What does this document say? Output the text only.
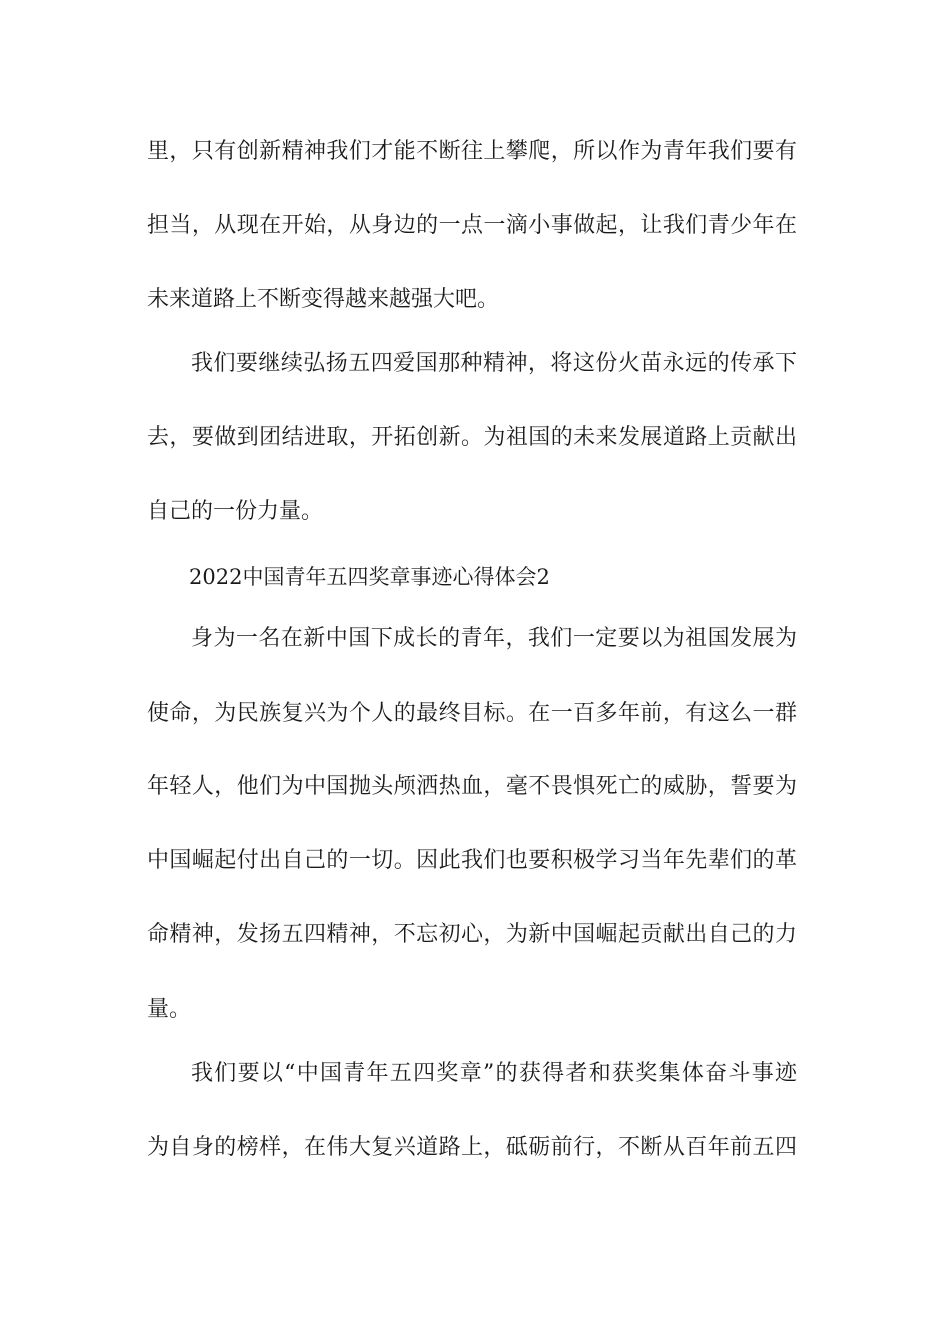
里，只有创新精神我们才能不断往上攀爬，所以作为青年我们要有
担当，从现在开始，从身边的一点一滴小事做起，让我们青少年在
未来道路上不断变得越来越强大吧。
我们要继续弘扬五四爱国那种精神，将这份火苗永远的传承下
去，要做到团结进取，开拓创新。为祖国的未来发展道路上贡献出
自己的一份力量。
2022中国青年五四奖章事迹心得体会2
身为一名在新中国下成长的青年，我们一定要以为祖国发展为
使命，为民族复兴为个人的最终目标。在一百多年前，有这么一群
年轻人，他们为中国抛头颅洒热血，毫不畏惧死亡的威胁，誓要为
中国崛起付出自己的一切。因此我们也要积极学习当年先辈们的革
命精神，发扬五四精神，不忘初心，为新中国崛起贡献出自己的力
量。
我们要以“中国青年五四奖章”的获得者和获奖集体奋斗事迹
为自身的榜样，在伟大复兴道路上，砥砺前行，不断从百年前五四
